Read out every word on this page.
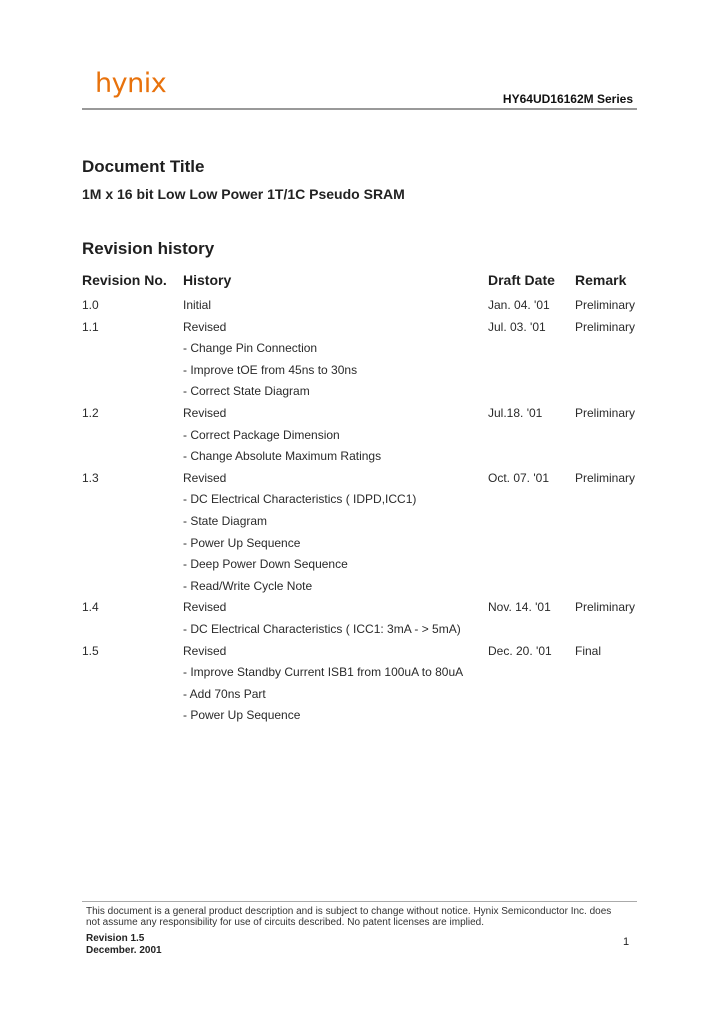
hynix	HY64UD16162M Series
Document Title
1M x 16 bit Low Low Power 1T/1C Pseudo SRAM
Revision history
Revision No. History	Draft Date Remark
1.0	Initial	Jan. 04. '01 Preliminary
1.1	Revised	Jul. 03. '01 Preliminary
- Change Pin Connection
- Improve tOE from 45ns to 30ns
- Correct State Diagram
1.2	Revised	Jul.18. '01	Preliminary
- Correct Package Dimension
- Change Absolute Maximum Ratings
1.3	Revised	Oct. 07. '01 Preliminary
- DC Electrical Characteristics ( IDPD,ICC1)
- State Diagram
- Power Up Sequence
- Deep Power Down Sequence
- Read/Write Cycle Note
1.4	Revised	Nov. 14. '01 Preliminary
- DC Electrical Characteristics ( ICC1: 3mA - > 5mA)
1.5	Revised	Dec. 20. '01 Final
- Improve Standby Current ISB1 from 100uA to 80uA
- Add 70ns Part
- Power Up Sequence
This document is a general product description and is subject to change without notice. Hynix Semiconductor Inc. does not assume any responsibility for use of circuits described. No patent licenses are implied.
Revision 1.5
December. 2001
1
